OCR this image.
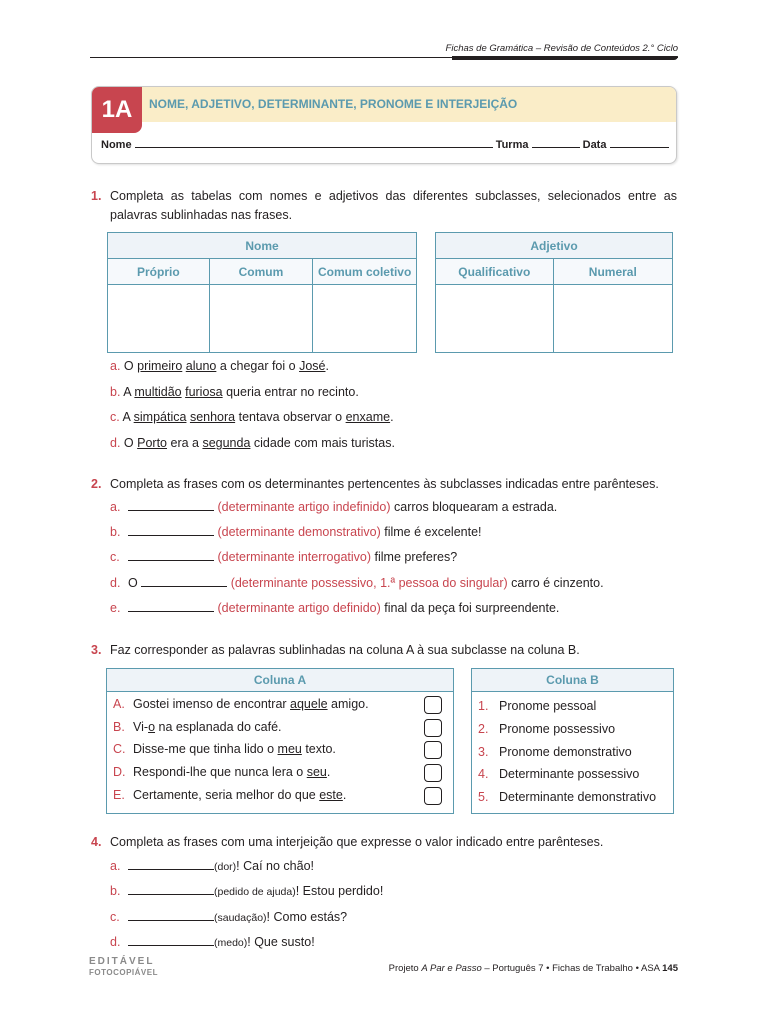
Fichas de Gramática – Revisão de Conteúdos 2.° Ciclo
1A	NOME, ADJETIVO, DETERMINANTE, PRONOME E INTERJEIÇÃO
Nome	Turma	Data
1. Completa as tabelas com nomes e adjetivos das diferentes subclasses, selecionados entre as palavras sublinhadas nas frases.
Nome		
Próprio	Comum	Comum coletivo

Adjetivo	
Qualificativo	Numeral

a. O primeiro aluno a chegar foi o José.
b. A multidão furiosa queria entrar no recinto.
c. A simpática senhora tentava observar o enxame.
d. O Porto era a segunda cidade com mais turistas.
2. Completa as frases com os determinantes pertencentes às subclasses indicadas entre parênteses.
a.	(determinante artigo indefinido) carros bloquearam a estrada.
b.	(determinante demonstrativo) filme é excelente!
c.	(determinante interrogativo) filme preferes?
d. O	(determinante possessivo, 1.ª pessoa do singular) carro é cinzento.
e.	(determinante artigo definido) final da peça foi surpreendente.
3. Faz corresponder as palavras sublinhadas na coluna A à sua subclasse na coluna B.
Coluna A	Coluna B
A. Gostei imenso de encontrar aquele amigo.
B. Vi-o na esplanada do café.
C. Disse-me que tinha lido o meu texto.
D. Respondi-lhe que nunca lera o seu.
E. Certamente, seria melhor do que este.
1. Pronome pessoal
2. Pronome possessivo
3. Pronome demonstrativo
4. Determinante possessivo
5. Determinante demonstrativo
4. Completa as frases com uma interjeição que expresse o valor indicado entre parênteses.
a.	(dor)! Caí no chão!
b.	(pedido de ajuda)! Estou perdido!
c.	(saudação)! Como estás?
d.	(medo)! Que susto!
EDITÁVEL
FOTOCOPIÁVEL	Projeto A Par e Passo – Português 7 • Fichas de Trabalho • ASA 145
